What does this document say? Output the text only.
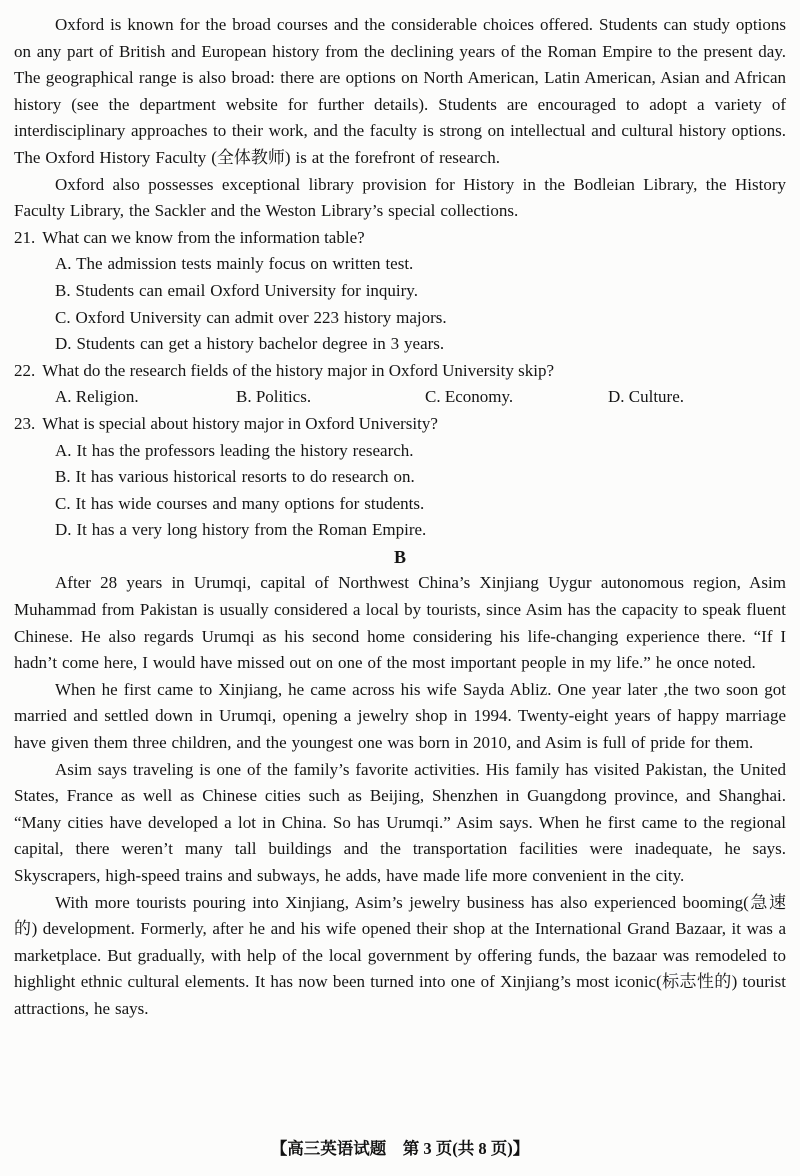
Oxford is known for the broad courses and the considerable choices offered. Students can study options on any part of British and European history from the declining years of the Roman Empire to the present day. The geographical range is also broad: there are options on North American, Latin American, Asian and African history (see the department website for further details). Students are encouraged to adopt a variety of interdisciplinary approaches to their work, and the faculty is strong on intellectual and cultural history options. The Oxford History Faculty (全体教师) is at the forefront of research.

Oxford also possesses exceptional library provision for History in the Bodleian Library, the History Faculty Library, the Sackler and the Weston Library’s special collections.

21. What can we know from the information table?

A. The admission tests mainly focus on written test.

B. Students can email Oxford University for inquiry.

C. Oxford University can admit over 223 history majors.

D. Students can get a history bachelor degree in 3 years.

22. What do the research fields of the history major in Oxford University skip?

A. Religion.	B. Politics.	C. Economy.	D. Culture.

23. What is special about history major in Oxford University?

A. It has the professors leading the history research.

B. It has various historical resorts to do research on.

C. It has wide courses and many options for students.

D. It has a very long history from the Roman Empire.

B

After 28 years in Urumqi, capital of Northwest China’s Xinjiang Uygur autonomous region, Asim Muhammad from Pakistan is usually considered a local by tourists, since Asim has the capacity to speak fluent Chinese. He also regards Urumqi as his second home considering his life-changing experience there. “If I hadn’t come here, I would have missed out on one of the most important people in my life.” he once noted.

When he first came to Xinjiang, he came across his wife Sayda Abliz. One year later ,the two soon got married and settled down in Urumqi, opening a jewelry shop in 1994. Twenty-eight years of happy marriage have given them three children, and the youngest one was born in 2010, and Asim is full of pride for them.

Asim says traveling is one of the family’s favorite activities. His family has visited Pakistan, the United States, France as well as Chinese cities such as Beijing, Shenzhen in Guangdong province, and Shanghai. “Many cities have developed a lot in China. So has Urumqi.” Asim says. When he first came to the regional capital, there weren’t many tall buildings and the transportation facilities were inadequate, he says. Skyscrapers, high-speed trains and subways, he adds, have made life more convenient in the city.

With more tourists pouring into Xinjiang, Asim’s jewelry business has also experienced booming(急速的) development. Formerly, after he and his wife opened their shop at the International Grand Bazaar, it was a marketplace. But gradually, with help of the local government by offering funds, the bazaar was remodeled to highlight ethnic cultural elements. It has now been turned into one of Xinjiang’s most iconic(标志性的) tourist attractions, he says.

【高三英语试题　第 3 页(共 8 页)】
